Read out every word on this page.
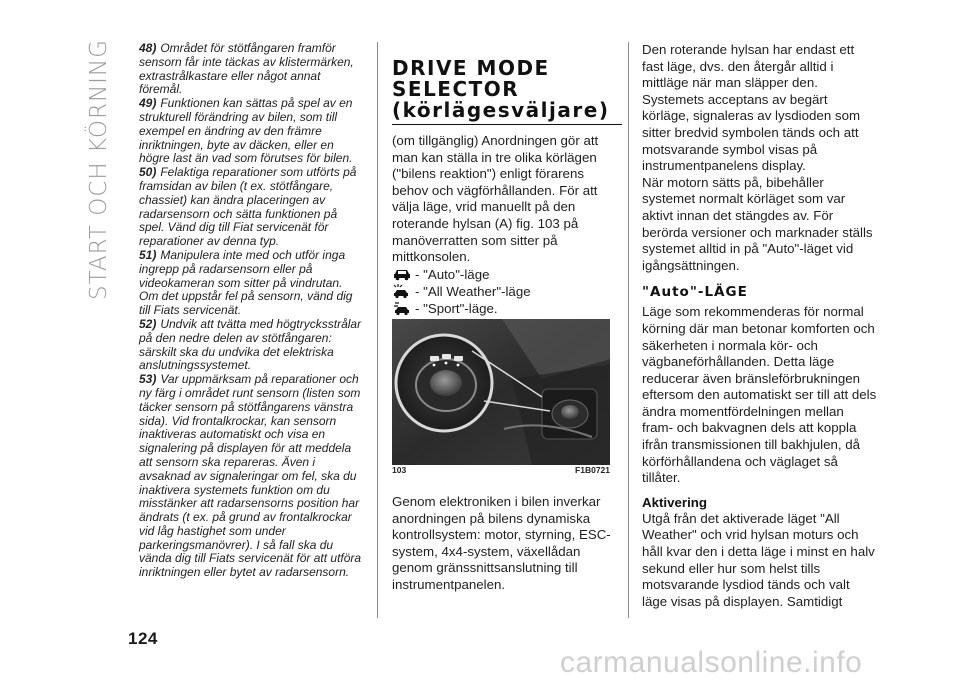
START OCH KÖRNING	48) Området för stötfångaren framför sensorn får inte täckas av klistermärken, extrastrålkastare eller något annat föremål.

49) Funktionen kan sättas på spel av en strukturell förändring av bilen, som till exempel en ändring av den främre inriktningen, byte av däcken, eller en högre last än vad som förutses för bilen.

50) Felaktiga reparationer som utförts på framsidan av bilen (t ex. stötfångare, chassiet) kan ändra placeringen av radarsensorn och sätta funktionen på spel. Vänd dig till Fiat servicenät för reparationer av denna typ.

51) Manipulera inte med och utför inga ingrepp på radarsensorn eller på videokameran som sitter på vindrutan. Om det uppstår fel på sensorn, vänd dig till Fiats servicenät.

52) Undvik att tvätta med högtrycksstrålar på den nedre delen av stötfångaren: särskilt ska du undvika det elektriska anslutningssystemet.

53) Var uppmärksam på reparationer och ny färg i området runt sensorn (listen som täcker sensorn på stötfångarens vänstra sida). Vid frontalkrockar, kan sensorn inaktiveras automatiskt och visa en signalering på displayen för att meddela att sensorn ska repareras. Även i avsaknad av signaleringar om fel, ska du inaktivera systemets funktion om du misstänker att radarsensorns position har ändrats (t ex. på grund av frontalkrockar vid låg hastighet som under parkeringsmanövrer). I så fall ska du vända dig till Fiats servicenät för att utföra inriktningen eller bytet av radarsensorn.

DRIVE MODE
SELECTOR
(körlägesväljare)

(om tillgänglig) Anordningen gör att man kan ställa in tre olika körlägen ("bilens reaktion") enligt förarens behov och vägförhållanden. För att välja läge, vrid manuellt på den roterande hylsan (A) fig. 103 på manöverratten som sitter på mittkonsolen.

- "Auto"-läge
- "All Weather"-läge
- "Sport"-läge.
103	F1B0721

Genom elektroniken i bilen inverkar anordningen på bilens dynamiska kontrollsystem: motor, styrning, ESC-system, 4x4-system, växellådan genom gränssnittsanslutning till instrumentpanelen.

Den roterande hylsan har endast ett fast läge, dvs. den återgår alltid i mittläge när man släpper den.

Systemets acceptans av begärt körläge, signaleras av lysdioden som sitter bredvid symbolen tänds och att motsvarande symbol visas på instrumentpanelens display.

När motorn sätts på, bibehåller systemet normalt körläget som var aktivt innan det stängdes av. För berörda versioner och marknader ställs systemet alltid in på "Auto"-läget vid igångsättningen.

"Auto"-LÄGE

Läge som rekommenderas för normal körning där man betonar komforten och säkerheten i normala kör- och vägbaneförhållanden. Detta läge reducerar även bränsleförbrukningen eftersom den automatiskt ser till att dels ändra momentfördelningen mellan fram- och bakvagnen dels att koppla ifrån transmissionen till bakhjulen, då körförhållandena och väglaget så tillåter.

Aktivering

Utgå från det aktiverade läget "All Weather" och vrid hylsan moturs och håll kvar den i detta läge i minst en halv sekund eller hur som helst tills motsvarande lysdiod tänds och valt läge visas på displayen. Samtidigt

124
carmanualsonline.info
